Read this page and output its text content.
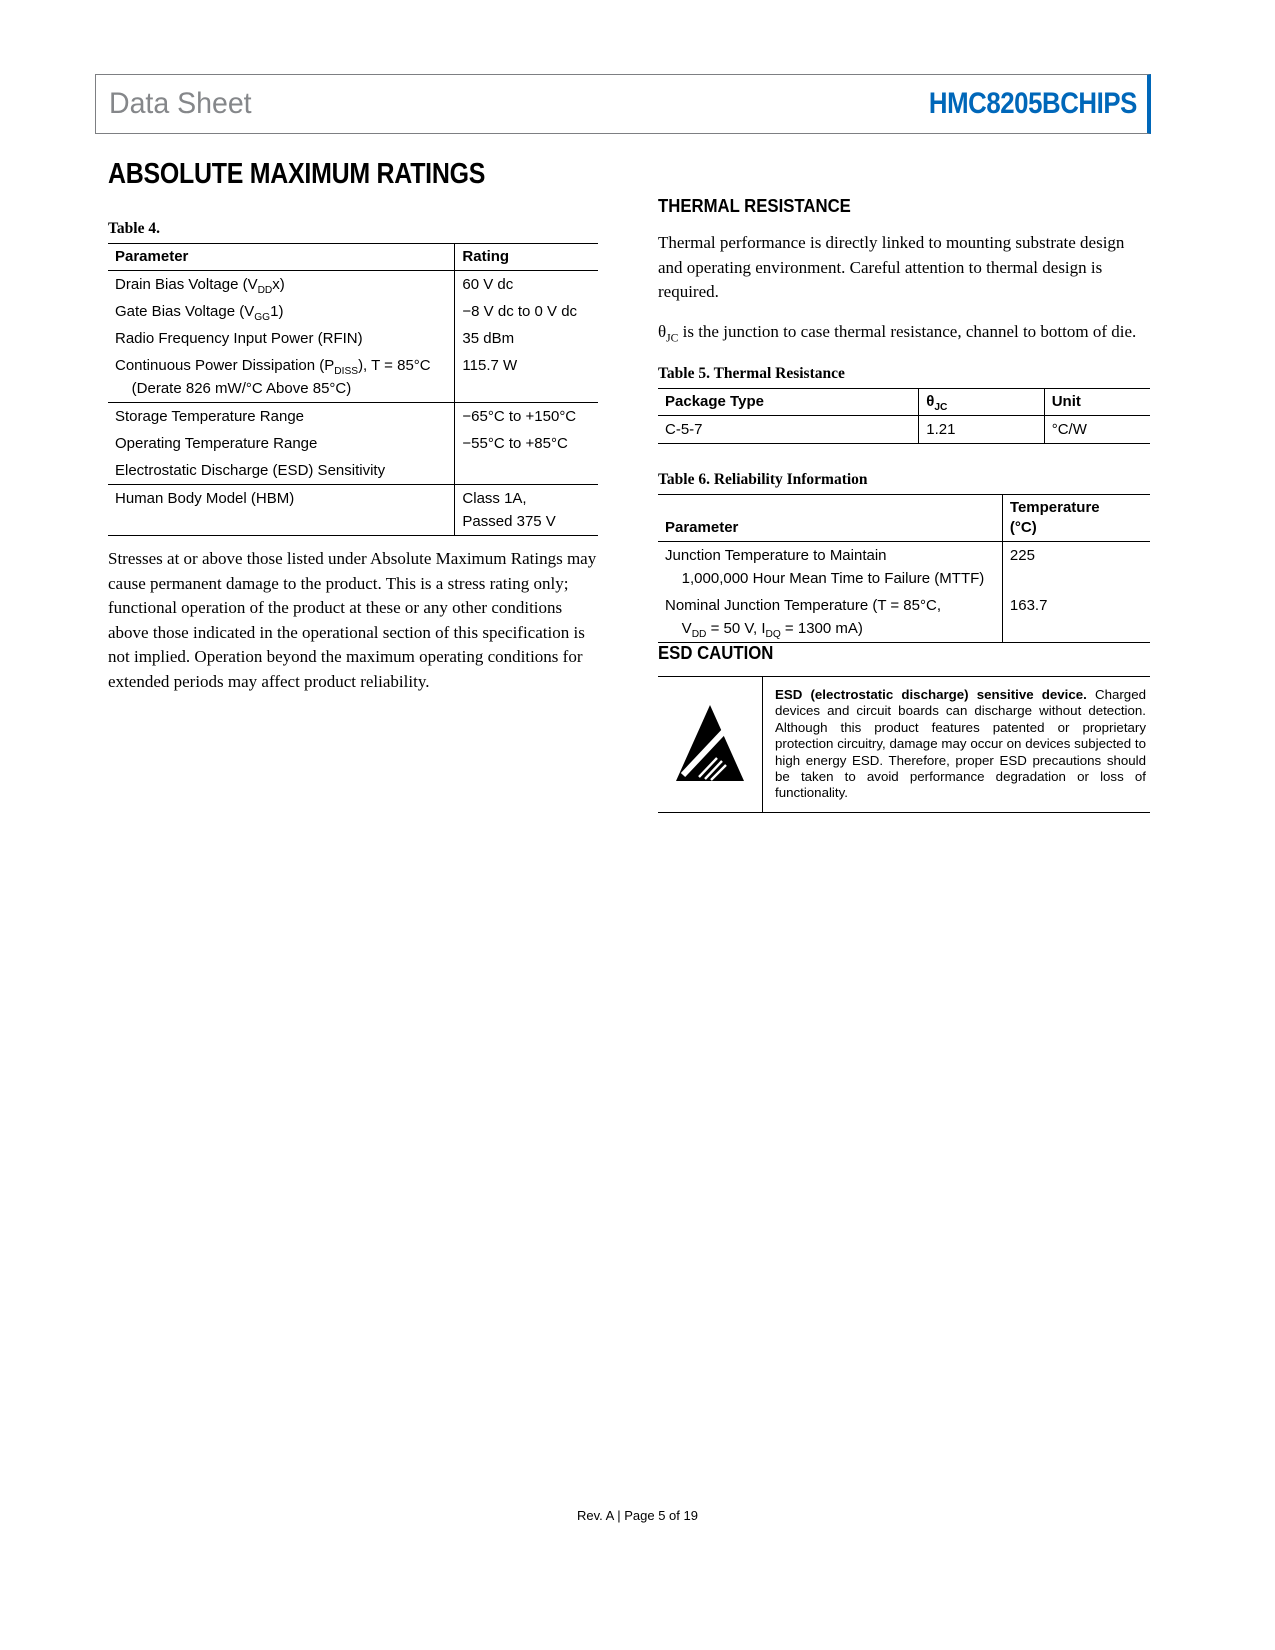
Data Sheet	HMC8205BCHIPS
ABSOLUTE MAXIMUM RATINGS
Table 4.
Parameter	Rating
Drain Bias Voltage $(V_{DD}x)$	60 V dc
Gate Bias Voltage $(V_{GG}1)$	−8 V dc to 0 V dc
Radio Frequency Input Power (RFIN)	35 dBm
Continuous Power Dissipation $(P_{DISS})$, T = 85°C
(Derate 826 mW/°C Above 85°C)	115.7 W
Storage Temperature Range	−65°C to +150°C
Operating Temperature Range	−55°C to +85°C
Electrostatic Discharge (ESD) Sensitivity	
Human Body Model (HBM)	Class 1A,
Passed 375 V

Stresses at or above those listed under Absolute Maximum Ratings may cause permanent damage to the product. This is a stress rating only; functional operation of the product at these or any other conditions above those indicated in the operational section of this specification is not implied. Operation beyond the maximum operating conditions for extended periods may affect product reliability.

THERMAL RESISTANCE

Thermal performance is directly linked to mounting substrate design and operating environment. Careful attention to thermal design is required.

$\theta_{JC}$ is the junction to case thermal resistance, channel to bottom of die.

Table 5. Thermal Resistance
Package Type	$\theta_{JC}$	Unit
C-5-7	1.21	°C/W
Table 6. Reliability Information
Parameter	Temperature
(°C)
Junction Temperature to Maintain
1,000,000 Hour Mean Time to Failure (MTTF)	225
Nominal Junction Temperature (T = 85°C,
$V_{DD} = 50$ V, $I_{DQ} = 1300$ mA)	163.7
ESD CAUTION
ESD (electrostatic discharge) sensitive device. Charged devices and circuit boards can discharge without detection. Although this product features patented or proprietary protection circuitry, damage may occur on devices subjected to high energy ESD. Therefore, proper ESD precautions should be taken to avoid performance degradation or loss of functionality.
Rev. A | Page 5 of 19
